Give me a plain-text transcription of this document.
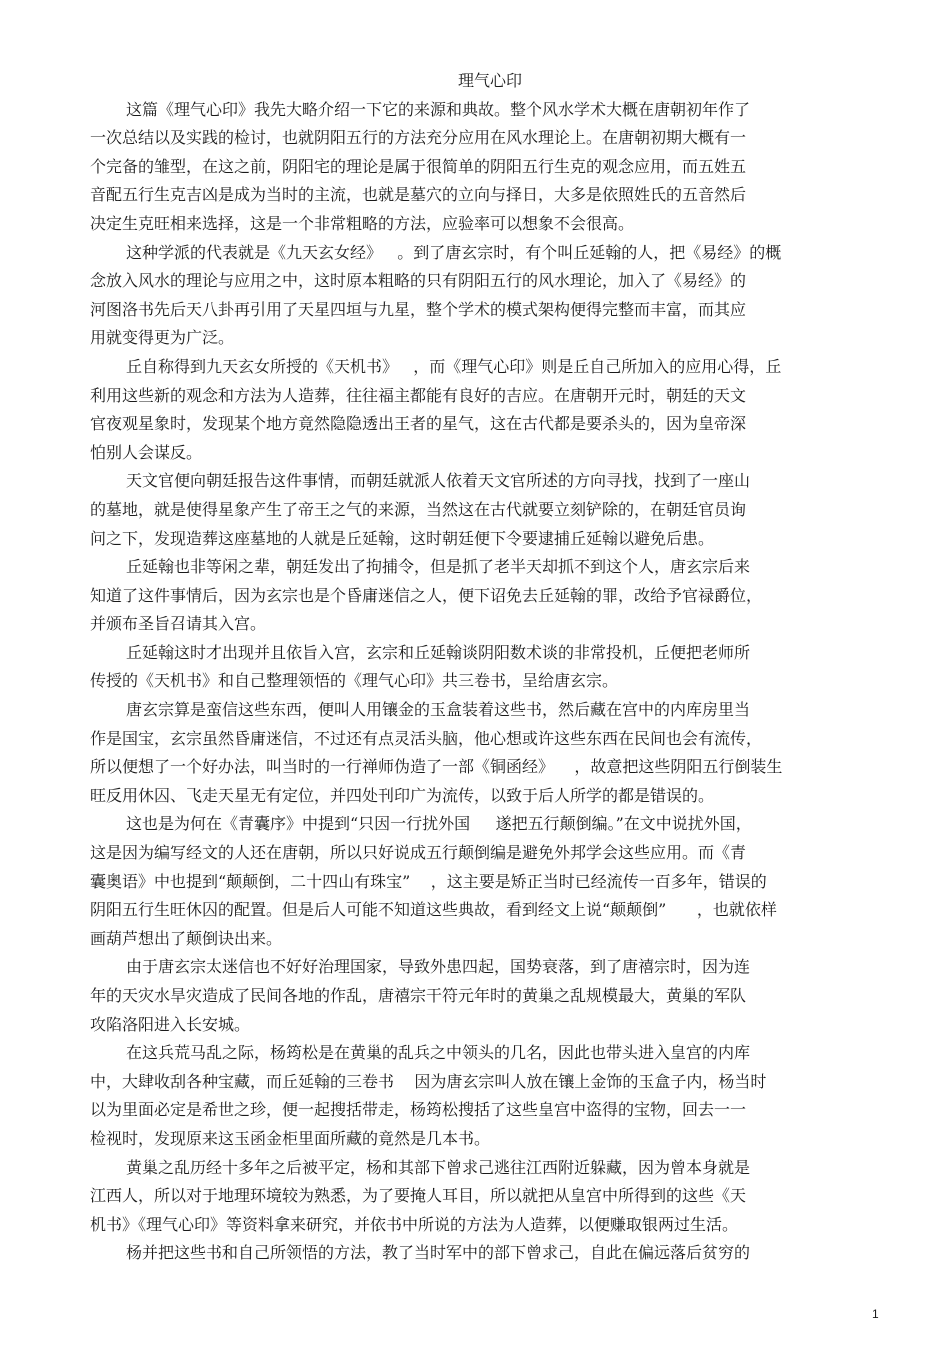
理气心印
这篇《理气心印》我先大略介绍一下它的来源和典故。整个风水学术大概在唐朝初年作了
一次总结以及实践的检讨，也就阴阳五行的方法充分应用在风水理论上。在唐朝初期大概有一
个完备的雏型，在这之前，阴阳宅的理论是属于很简单的阴阳五行生克的观念应用，而五姓五
音配五行生克吉凶是成为当时的主流，也就是墓穴的立向与择日，大多是依照姓氏的五音然后
决定生克旺相来选择，这是一个非常粗略的方法，应验率可以想象不会很高。
这种学派的代表就是《九天玄女经》   。到了唐玄宗时，有个叫丘延翰的人，把《易经》的概
念放入风水的理论与应用之中，这时原本粗略的只有阴阳五行的风水理论，加入了《易经》的
河图洛书先后天八卦再引用了天星四垣与九星，整个学术的模式架构便得完整而丰富，而其应
用就变得更为广泛。
丘自称得到九天玄女所授的《天机书》   ，而《理气心印》则是丘自己所加入的应用心得，丘
利用这些新的观念和方法为人造葬，往往福主都能有良好的吉应。在唐朝开元时，朝廷的天文
官夜观星象时，发现某个地方竟然隐隐透出王者的星气，这在古代都是要杀头的，因为皇帝深
怕别人会谋反。
天文官便向朝廷报告这件事情，而朝廷就派人依着天文官所述的方向寻找，找到了一座山
的墓地，就是使得星象产生了帝王之气的来源，当然这在古代就要立刻铲除的，在朝廷官员询
问之下，发现造葬这座墓地的人就是丘延翰，这时朝廷便下令要逮捕丘延翰以避免后患。
丘延翰也非等闲之辈，朝廷发出了拘捕令，但是抓了老半天却抓不到这个人，唐玄宗后来
知道了这件事情后，因为玄宗也是个昏庸迷信之人，便下诏免去丘延翰的罪，改给予官禄爵位，
并颁布圣旨召请其入宫。
丘延翰这时才出现并且依旨入宫，玄宗和丘延翰谈阴阳数术谈的非常投机，丘便把老师所
传授的《天机书》和自己整理领悟的《理气心印》共三卷书，呈给唐玄宗。
唐玄宗算是蛮信这些东西，便叫人用镶金的玉盒装着这些书，然后藏在宫中的内库房里当
作是国宝，玄宗虽然昏庸迷信，不过还有点灵活头脑，他心想或许这些东西在民间也会有流传，
所以便想了一个好办法，叫当时的一行禅师伪造了一部《铜函经》    ，故意把这些阴阳五行倒装生
旺反用休囚、飞走天星无有定位，并四处刊印广为流传，以致于后人所学的都是错误的。
这也是为何在《青囊序》中提到“只因一行扰外国     遂把五行颠倒编。”在文中说扰外国，
这是因为编写经文的人还在唐朝，所以只好说成五行颠倒编是避免外邦学会这些应用。而《青
囊奥语》中也提到“颠颠倒，二十四山有珠宝”    ，这主要是矫正当时已经流传一百多年，错误的
阴阳五行生旺休囚的配置。但是后人可能不知道这些典故，看到经文上说“颠颠倒”      ，也就依样
画葫芦想出了颠倒诀出来。
由于唐玄宗太迷信也不好好治理国家，导致外患四起，国势衰落，到了唐禧宗时，因为连
年的天灾水旱灾造成了民间各地的作乱，唐禧宗干符元年时的黄巢之乱规模最大，黄巢的军队
攻陷洛阳进入长安城。
在这兵荒马乱之际，杨筠松是在黄巢的乱兵之中领头的几名，因此也带头进入皇宫的内库
中，大肆收刮各种宝藏，而丘延翰的三卷书    因为唐玄宗叫人放在镶上金饰的玉盒子内，杨当时
以为里面必定是希世之珍，便一起搜括带走，杨筠松搜括了这些皇宫中盗得的宝物，回去一一
检视时，发现原来这玉函金柜里面所藏的竟然是几本书。
黄巢之乱历经十多年之后被平定，杨和其部下曾求己逃往江西附近躲藏，因为曾本身就是
江西人，所以对于地理环境较为熟悉，为了要掩人耳目，所以就把从皇宫中所得到的这些《天
机书》《理气心印》等资料拿来研究，并依书中所说的方法为人造葬，以便赚取银两过生活。
杨并把这些书和自己所领悟的方法，教了当时军中的部下曾求己，自此在偏远落后贫穷的
1
